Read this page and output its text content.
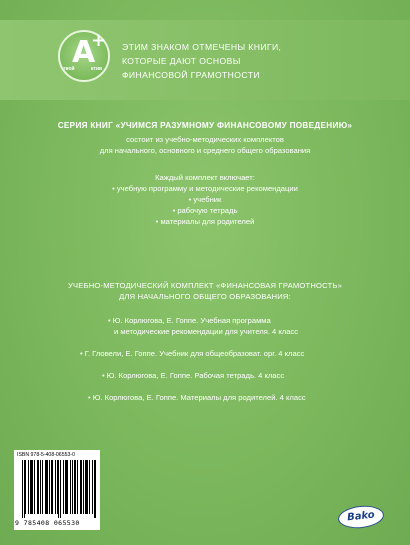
A
+
твой	ктив
ЭТИМ ЗНАКОМ ОТМЕЧЕНЫ КНИГИ,
КОТОРЫЕ ДАЮТ ОСНОВЫ
ФИНАНСОВОЙ ГРАМОТНОСТИ
СЕРИЯ КНИГ «УЧИМСЯ РАЗУМНОМУ ФИНАНСОВОМУ ПОВЕДЕНИЮ»
состоит из учебно-методических комплектов
для начального, основного и среднего общего образования
Каждый комплект включает:
• учебную программу и методические рекомендации
• учебник
• рабочую тетрадь
• материалы для родителей
УЧЕБНО-МЕТОДИЧЕСКИЙ КОМПЛЕКТ «ФИНАНСОВАЯ ГРАМОТНОСТЬ»
ДЛЯ НАЧАЛЬНОГО ОБЩЕГО ОБРАЗОВАНИЯ:
• Ю. Корлюгова, Е. Гоппе. Учебная программа
и методические рекомендации для учителя. 4 класс
• Г. Гловели, Е. Гоппе. Учебник для общеобразоват. орг. 4 класс
• Ю. Корлюгова, Е. Гоппе. Рабочая тетрадь. 4 класс
• Ю. Корлюгова, Е. Гоппе. Материалы для родителей. 4 класс
ISBN 978-5-408-06553-0
9 785408 065530	Bako
